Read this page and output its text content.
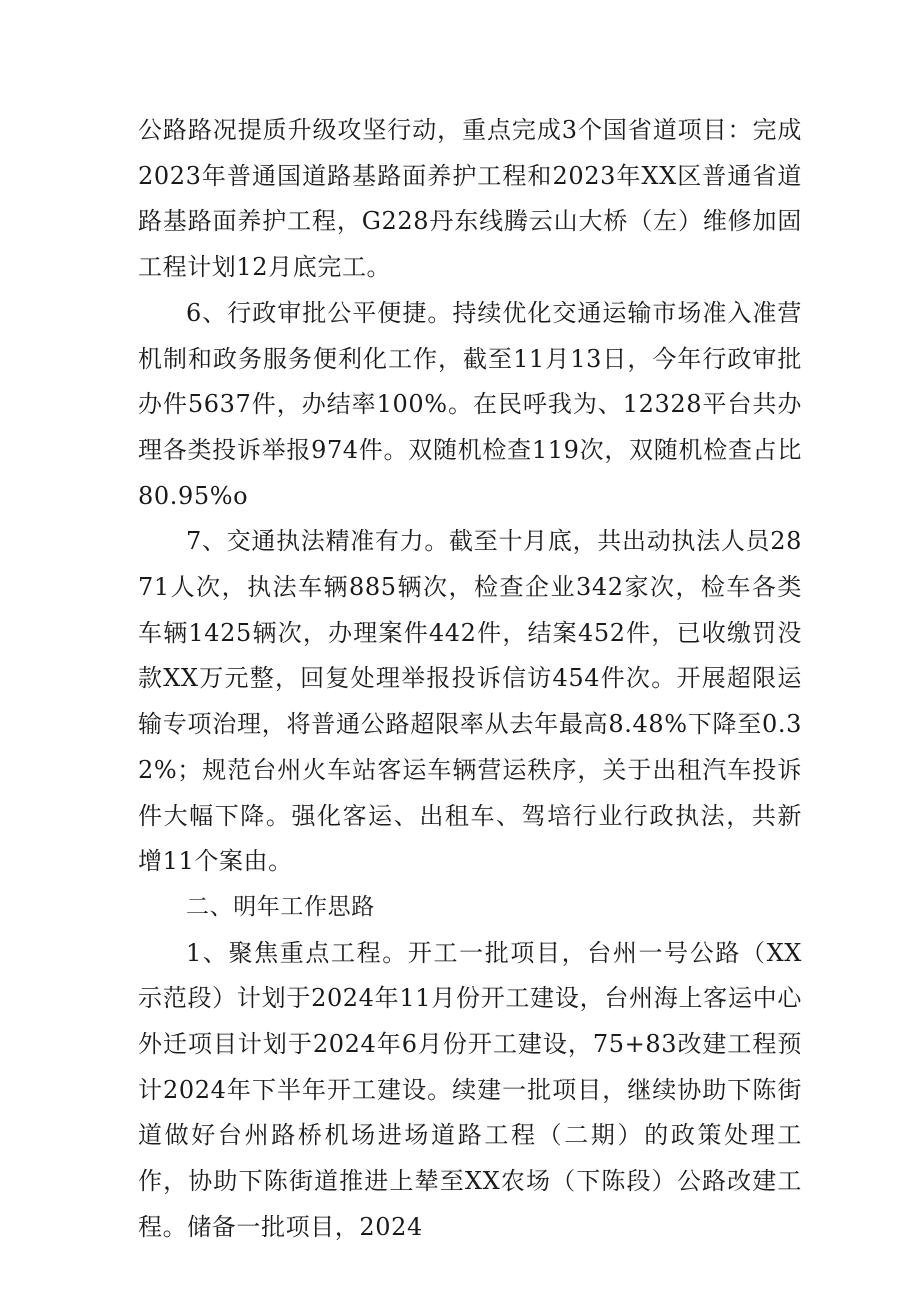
公路路况提质升级攻坚行动，重点完成3个国省道项目：完成2023年普通国道路基路面养护工程和2023年XX区普通省道路基路面养护工程，G228丹东线腾云山大桥（左）维修加固工程计划12月底完工。

6、行政审批公平便捷。持续优化交通运输市场准入准营机制和政务服务便利化工作，截至11月13日，今年行政审批办件5637件，办结率100%。在民呼我为、12328平台共办理各类投诉举报974件。双随机检查119次，双随机检查占比80.95%o

7、交通执法精准有力。截至十月底，共出动执法人员2871人次，执法车辆885辆次，检查企业342家次，检车各类车辆1425辆次，办理案件442件，结案452件，已收缴罚没款XX万元整，回复处理举报投诉信访454件次。开展超限运输专项治理，将普通公路超限率从去年最高8.48%下降至0.32%；规范台州火车站客运车辆营运秩序，关于出租汽车投诉件大幅下降。强化客运、出租车、驾培行业行政执法，共新增11个案由。

二、明年工作思路

1、聚焦重点工程。开工一批项目，台州一号公路（XX示范段）计划于2024年11月份开工建设，台州海上客运中心外迁项目计划于2024年6月份开工建设，75+83改建工程预计2024年下半年开工建设。续建一批项目，继续协助下陈街道做好台州路桥机场进场道路工程（二期）的政策处理工作，协助下陈街道推进上辇至XX农场（下陈段）公路改建工程。储备一批项目，2024
